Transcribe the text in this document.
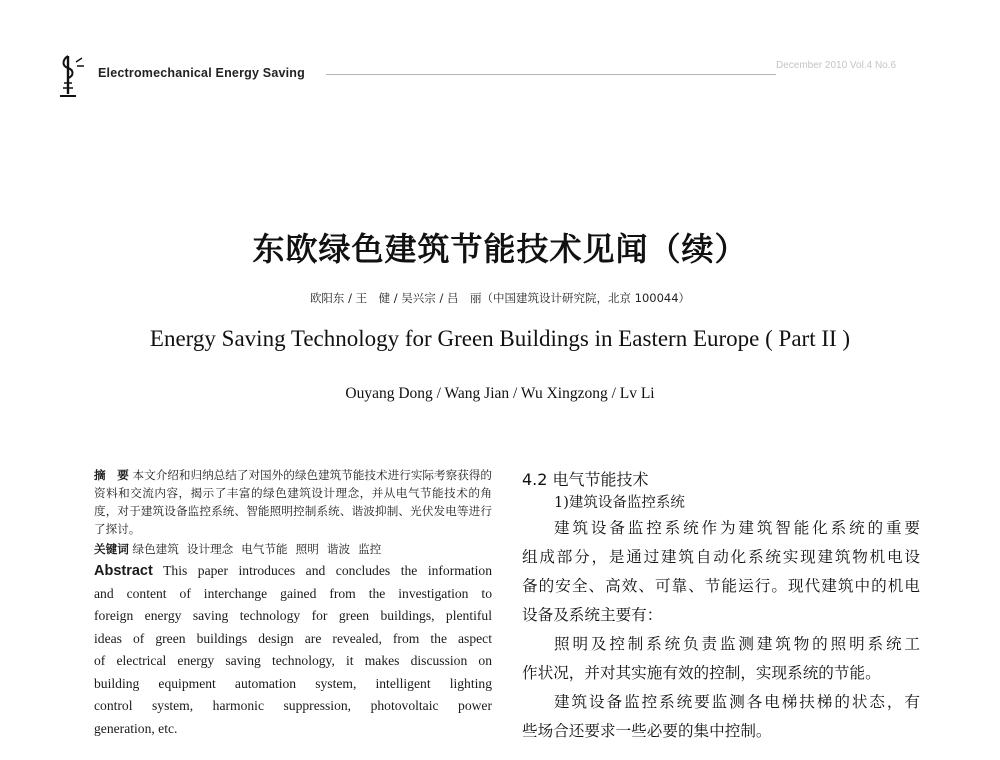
Electromechanical Energy Saving
December 2010 Vol.4 No.6
东欧绿色建筑节能技术见闻（续）
欧阳东 / 王　健 / 吴兴宗 / 吕　丽（中国建筑设计研究院，北京 100044）
Energy Saving Technology for Green Buildings in Eastern Europe ( Part II )
Ouyang Dong / Wang Jian / Wu Xingzong / Lv Li
摘　要 本文介绍和归纳总结了对国外的绿色建筑节能技术进行实际考察获得的资料和交流内容，揭示了丰富的绿色建筑设计理念，并从电气节能技术的角度，对于建筑设备监控系统、智能照明控制系统、谐波抑制、光伏发电等进行了探讨。
关键词 绿色建筑 设计理念 电气节能 照明 谐波 监控
Abstract This paper introduces and concludes the information
and content of interchange gained from the investigation to
foreign energy saving technology for green buildings, plentiful
ideas of green buildings design are revealed, from the aspect
of electrical energy saving technology, it makes discussion on
building equipment automation system, intelligent lighting
control system, harmonic suppression, photovoltaic power
generation, etc.
4.2 电气节能技术
1)建筑设备监控系统
建筑设备监控系统作为建筑智能化系统的重要
组成部分，是通过建筑自动化系统实现建筑物机电设
备的安全、高效、可靠、节能运行。现代建筑中的机电
设备及系统主要有：
照明及控制系统负责监测建筑物的照明系统工
作状况，并对其实施有效的控制，实现系统的节能。
建筑设备监控系统要监测各电梯扶梯的状态，有
些场合还要求一些必要的集中控制。
